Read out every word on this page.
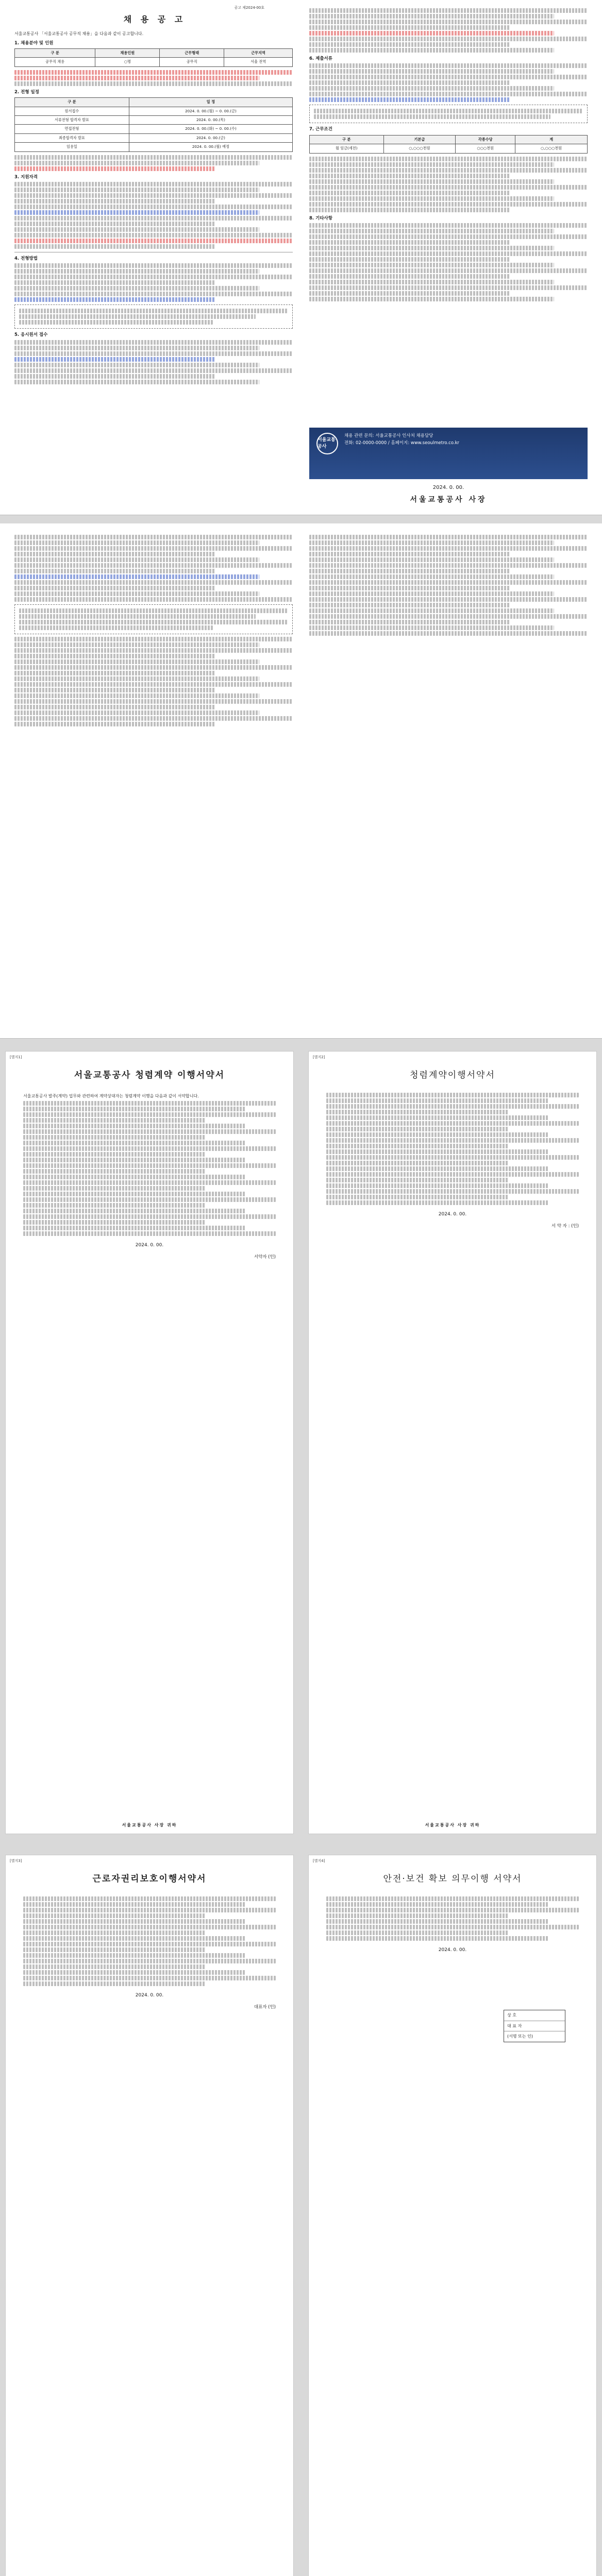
공고 제2024-00호
채 용 공 고

서울교통공사 「서울교통공사 공무직 채용」을 다음과 같이 공고합니다.

1. 채용분야 및 인원
구 분	채용인원	근무형태	근무지역
공무직 채용	○명	공무직	서울 전역
2. 전형 일정
구 분	일 정
원서접수	2024. 0. 00.(월) ~ 0. 00.(금)
서류전형 합격자 발표	2024. 0. 00.(목)
면접전형	2024. 0. 00.(화) ~ 0. 00.(수)
최종합격자 발표	2024. 0. 00.(금)
임용일	2024. 0. 00.(월) 예정
3. 지원자격
4. 전형방법
5. 응시원서 접수
6. 제출서류
7. 근무조건
구 분	기본급	각종수당	계
월 임금(세전)	○,○○○천원	○○○천원	○,○○○천원
8. 기타사항
서울교통공사
채용 관련 문의: 서울교통공사 인사처 채용담당
전화: 02-0000-0000 / 홈페이지: www.seoulmetro.co.kr
2024. 0. 00.
서울교통공사 사장
[별지1]
서울교통공사 청렴계약 이행서약서

서울교통공사 발주(계약) 업무와 관련하여 계약상대자는 청렴계약 이행을 다음과 같이 서약합니다.

2024. 0. 00.
서약자 (인)
서울교통공사 사장 귀하
[별지2]
청렴계약이행서약서
2024. 0. 00.
서 약 자 : (인)
서울교통공사 사장 귀하
[별지3]
근로자권리보호이행서약서
2024. 0. 00.
대표자 (인)
[별지4]
안전·보건 확보 의무이행 서약서
2024. 0. 00.
상 호
대 표 자
(서명 또는 인)
